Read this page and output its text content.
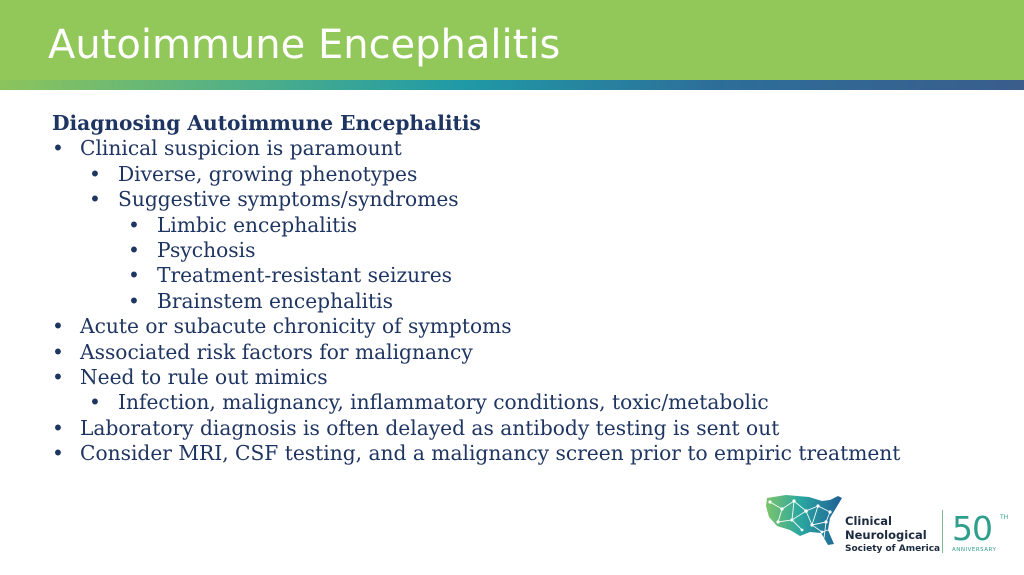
Autoimmune Encephalitis
Diagnosing Autoimmune Encephalitis
• Clinical suspicion is paramount
• Diverse, growing phenotypes
• Suggestive symptoms/syndromes
• Limbic encephalitis
• Psychosis
• Treatment-resistant seizures
• Brainstem encephalitis
• Acute or subacute chronicity of symptoms
• Associated risk factors for malignancy
• Need to rule out mimics
• Infection, malignancy, inflammatory conditions, toxic/metabolic
• Laboratory diagnosis is often delayed as antibody testing is sent out
• Consider MRI, CSF testing, and a malignancy screen prior to empiric treatment
Clinical
Neurological
Society of America
50 TH
ANNIVERSARY
